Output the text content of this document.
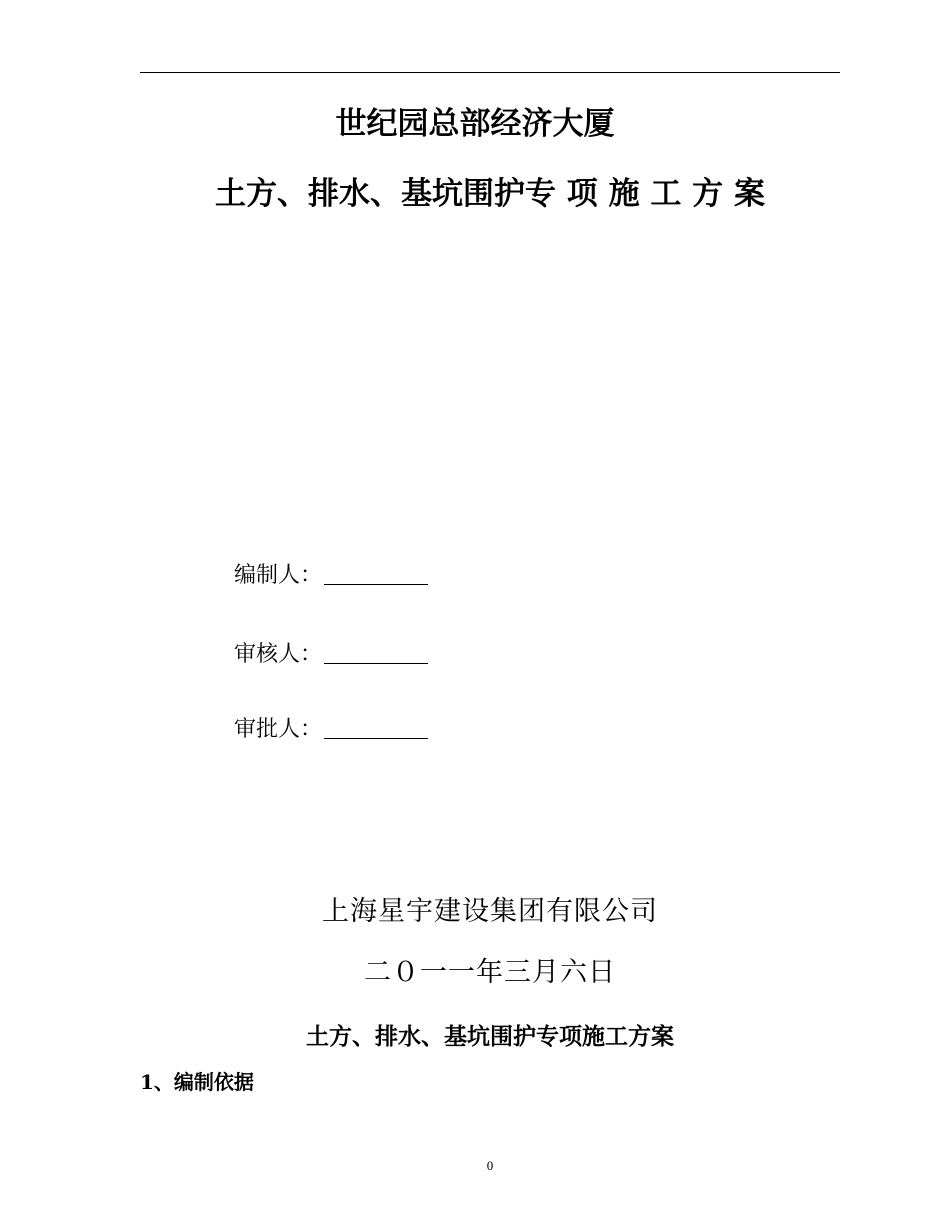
世纪园总部经济大厦
土方、排水、基坑围护专 项 施 工 方 案
编制人：
审核人：
审批人：
上海星宇建设集团有限公司
二０一一年三月六日
土方、排水、基坑围护专项施工方案
1、编制依据
0
